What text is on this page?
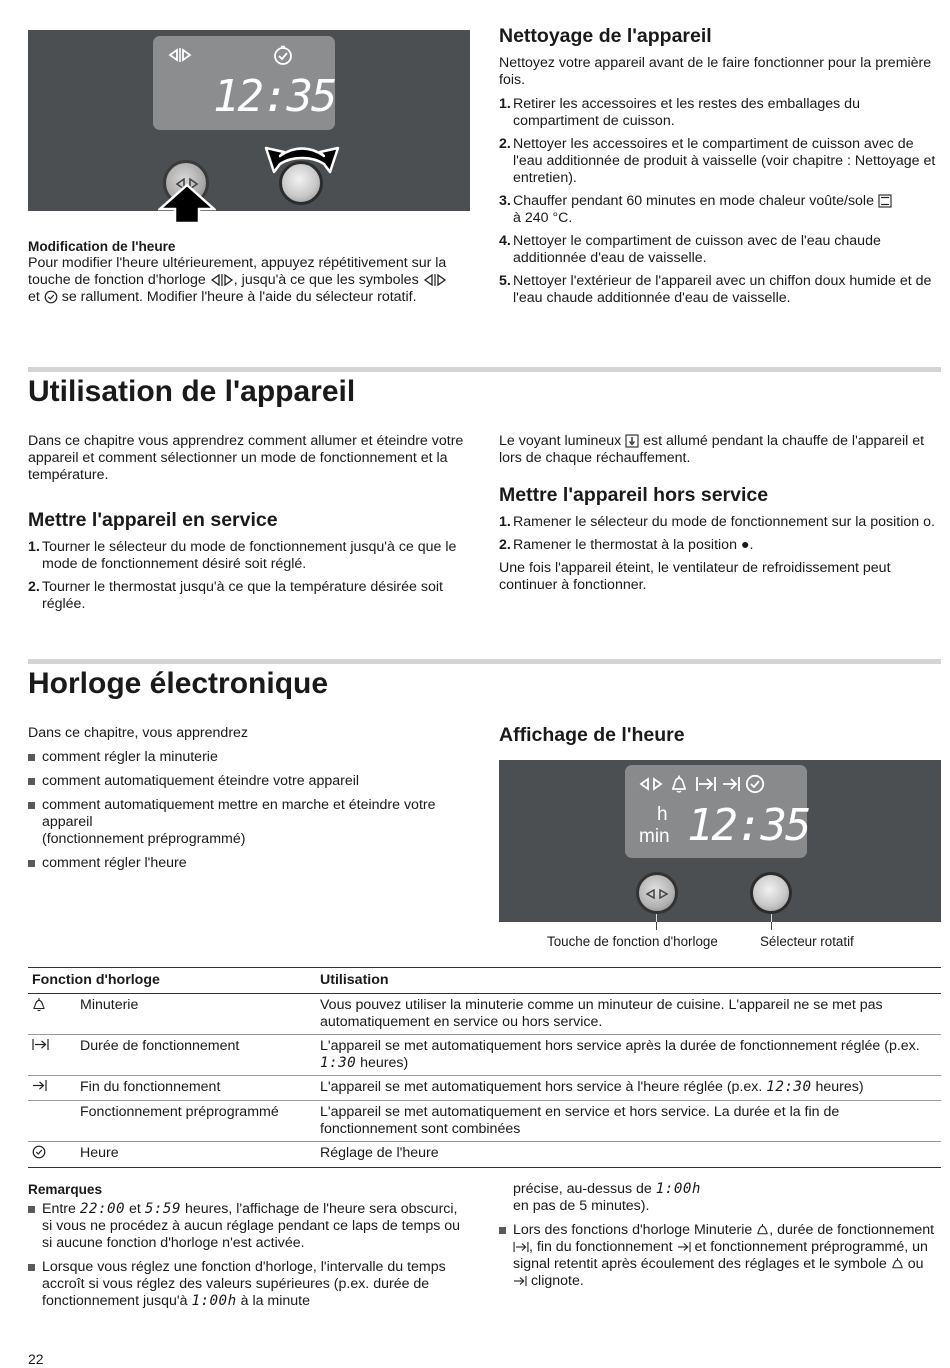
12:35
Modification de l'heure

Pour modifier l'heure ultérieurement, appuyez répétitivement sur la touche de fonction d'horloge , jusqu'à ce que les symboles  et se rallument. Modifier l'heure à l'aide du sélecteur rotatif.

Nettoyage de l'appareil

Nettoyez votre appareil avant de le faire fonctionner pour la première fois.

1. Retirer les accessoires et les restes des emballages du compartiment de cuisson.
2. Nettoyer les accessoires et le compartiment de cuisson avec de l'eau additionnée de produit à vaisselle (voir chapitre : Nettoyage et entretien).
3. Chauffer pendant 60 minutes en mode chaleur voûte/sole
à 240 °C.
4. Nettoyer le compartiment de cuisson avec de l'eau chaude additionnée d'eau de vaisselle.
5. Nettoyer l'extérieur de l'appareil avec un chiffon doux humide et de l'eau chaude additionnée d'eau de vaisselle.
Utilisation de l'appareil

Dans ce chapitre vous apprendrez comment allumer et éteindre votre appareil et comment sélectionner un mode de fonctionnement et la température.

Mettre l'appareil en service
1. Tourner le sélecteur du mode de fonctionnement jusqu'à ce que le mode de fonctionnement désiré soit réglé.
2. Tourner le thermostat jusqu'à ce que la température désirée soit réglée.

Le voyant lumineux est allumé pendant la chauffe de l'appareil et lors de chaque réchauffement.

Mettre l'appareil hors service
1. Ramener le sélecteur du mode de fonctionnement sur la position o.
2. Ramener le thermostat à la position ●.

Une fois l'appareil éteint, le ventilateur de refroidissement peut continuer à fonctionner.

Horloge électronique

Dans ce chapitre, vous apprendrez

comment régler la minuterie
comment automatiquement éteindre votre appareil
comment automatiquement mettre en marche et éteindre votre appareil
(fonctionnement préprogrammé)
comment régler l'heure
Affichage de l'heure
h
min 12:35
Touche de fonction d'horloge	Sélecteur rotatif
Fonction d'horloge		Utilisation
	Minuterie	Vous pouvez utiliser la minuterie comme un minuteur de cuisine. L'appareil ne se met pas automatiquement en service ou hors service.
	Durée de fonctionnement	L'appareil se met automatiquement hors service après la durée de fonctionnement réglée (p.ex. 1:30 heures)
	Fin du fonctionnement	L'appareil se met automatiquement hors service à l'heure réglée (p.ex. 12:30 heures)
	Fonctionnement préprogrammé	L'appareil se met automatiquement en service et hors service. La durée et la fin de fonctionnement sont combinées
	Heure	Réglage de l'heure
Remarques
Entre 22:00 et 5:59 heures, l'affichage de l'heure sera obscurci, si vous ne procédez à aucun réglage pendant ce laps de temps ou si aucune fonction d'horloge n'est activée.
Lorsque vous réglez une fonction d'horloge, l'intervalle du temps accroît si vous réglez des valeurs supérieures (p.ex. durée de fonctionnement jusqu'à 1:00h à la minute

précise, au-dessus de 1:00h
en pas de 5 minutes).

Lors des fonctions d'horloge Minuterie , durée de fonctionnement , fin du fonctionnement et fonctionnement préprogrammé, un signal retentit après écoulement des réglages et le symbole ou  clignote.
22
